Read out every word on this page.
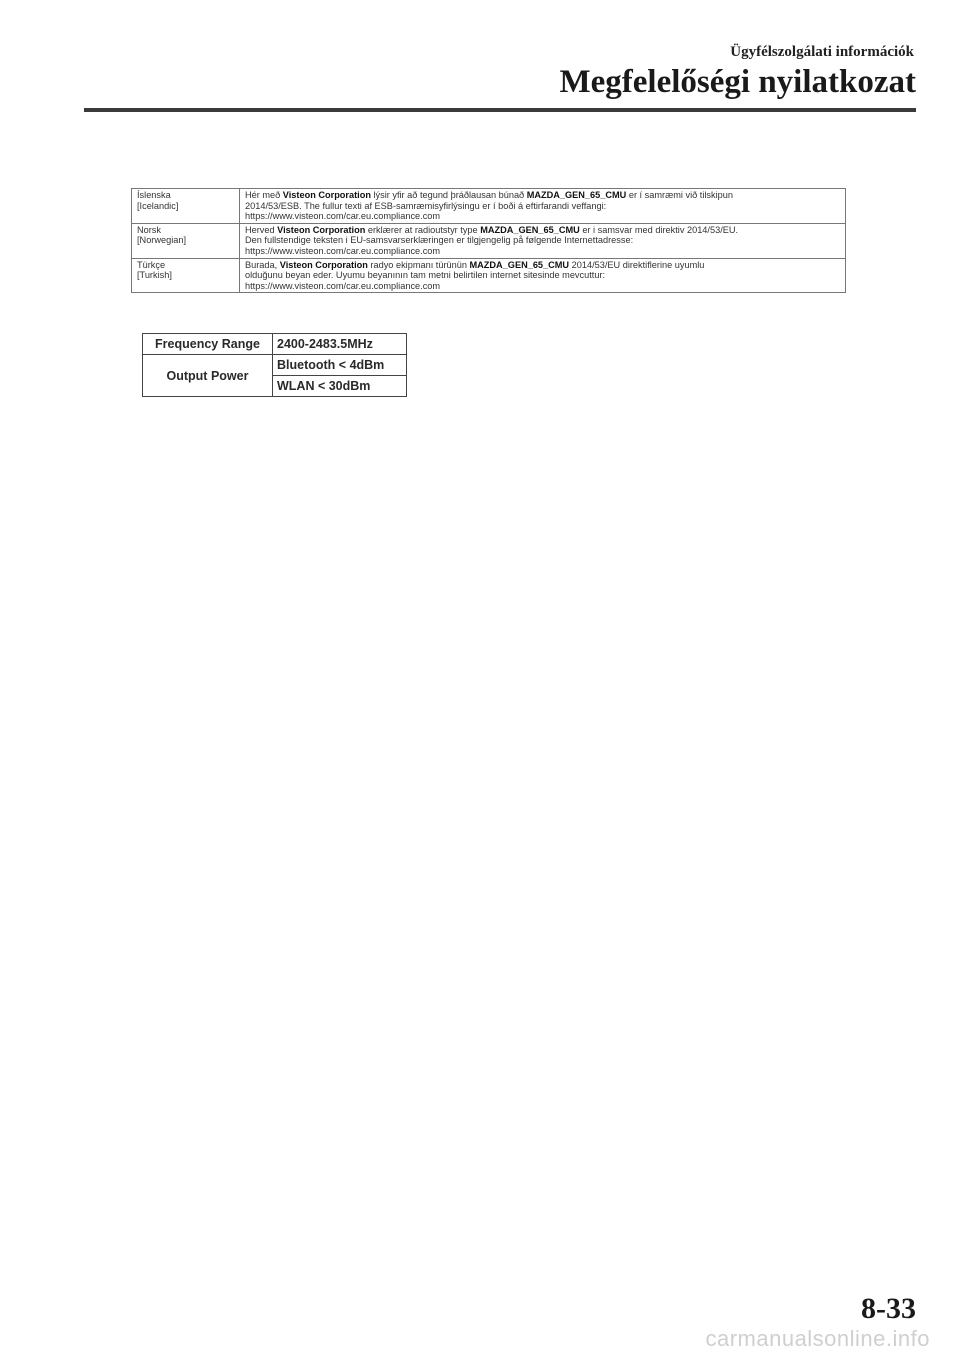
Ügyfélszolgálati információk
Megfelelőségi nyilatkozat
Íslenska
[Icelandic]	Hér með Visteon Corporation lýsir yfir að tegund þráðlausan búnað MAZDA_GEN_65_CMU er í samræmi við tilskipun
2014/53/ESB. The fullur texti af ESB-samræmisyfirlýsingu er í boði á eftirfarandi veffangi:
https://www.visteon.com/car.eu.compliance.com

Norsk
[Norwegian]	Herved Visteon Corporation erklærer at radioutstyr type MAZDA_GEN_65_CMU er i samsvar med direktiv 2014/53/EU.
Den fullstendige teksten i EU-samsvarserklæringen er tilgjengelig på følgende Internettadresse:
https://www.visteon.com/car.eu.compliance.com

Türkçe
[Turkish]	Burada, Visteon Corporation radyo ekipmanı türünün MAZDA_GEN_65_CMU 2014/53/EU direktiflerine uyumlu
olduğunu beyan eder. Uyumu beyanının tam metni belirtilen internet sitesinde mevcuttur:
https://www.visteon.com/car.eu.compliance.com
Frequency Range	2400-2483.5MHz
Output Power	Bluetooth < 4dBm
	WLAN < 30dBm
8-33
carmanualsonline.info
